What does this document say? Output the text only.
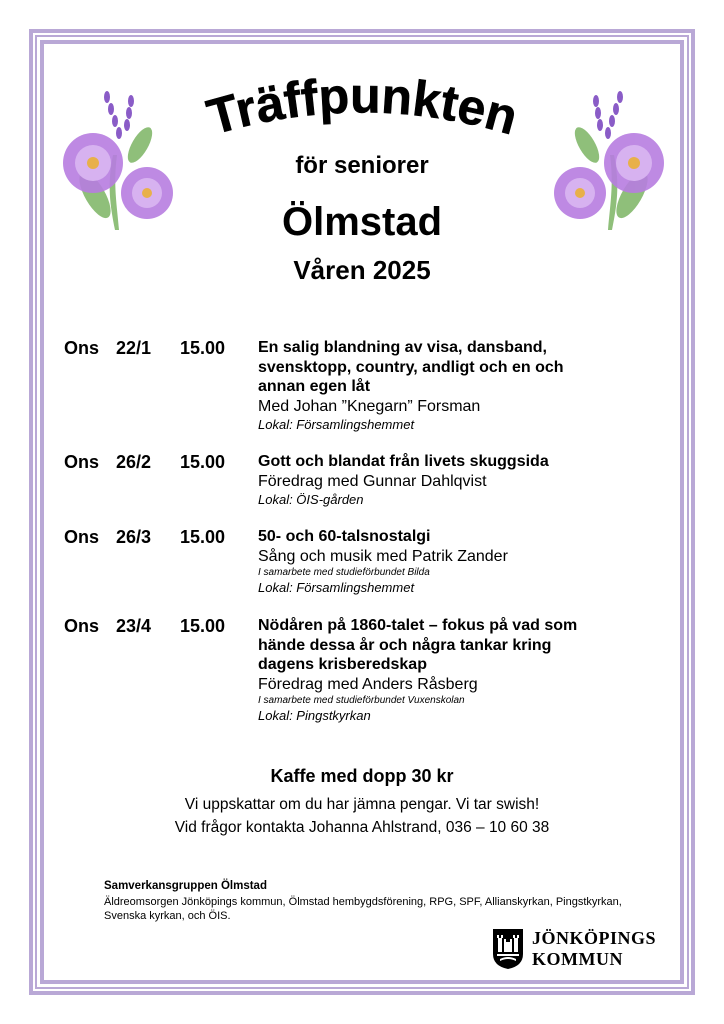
Träffpunkten
för seniorer
Ölmstad
Våren 2025
Ons 22/1 15.00 En salig blandning av visa, dansband,
svensktopp, country, andligt och en och
annan egen låt
Med Johan ”Knegarn” Forsman
Lokal: Församlingshemmet
Ons 26/2 15.00 Gott och blandat från livets skuggsida
Föredrag med Gunnar Dahlqvist
Lokal: ÖIS-gården
Ons 26/3 15.00 50- och 60-talsnostalgi
Sång och musik med Patrik Zander
I samarbete med studieförbundet Bilda
Lokal: Församlingshemmet
Ons 23/4 15.00 Nödåren på 1860-talet – fokus på vad som
hände dessa år och några tankar kring
dagens krisberedskap
Föredrag med Anders Råsberg
I samarbete med studieförbundet Vuxenskolan
Lokal: Pingstkyrkan
Kaffe med dopp 30 kr
Vi uppskattar om du har jämna pengar. Vi tar swish!
Vid frågor kontakta Johanna Ahlstrand, 036 – 10 60 38
Samverkansgruppen Ölmstad
Äldreomsorgen Jönköpings kommun, Ölmstad hembygdsförening, RPG, SPF, Allianskyrkan, Pingstkyrkan, Svenska kyrkan, och ÖIS.
JÖNKÖPINGS
KOMMUN
